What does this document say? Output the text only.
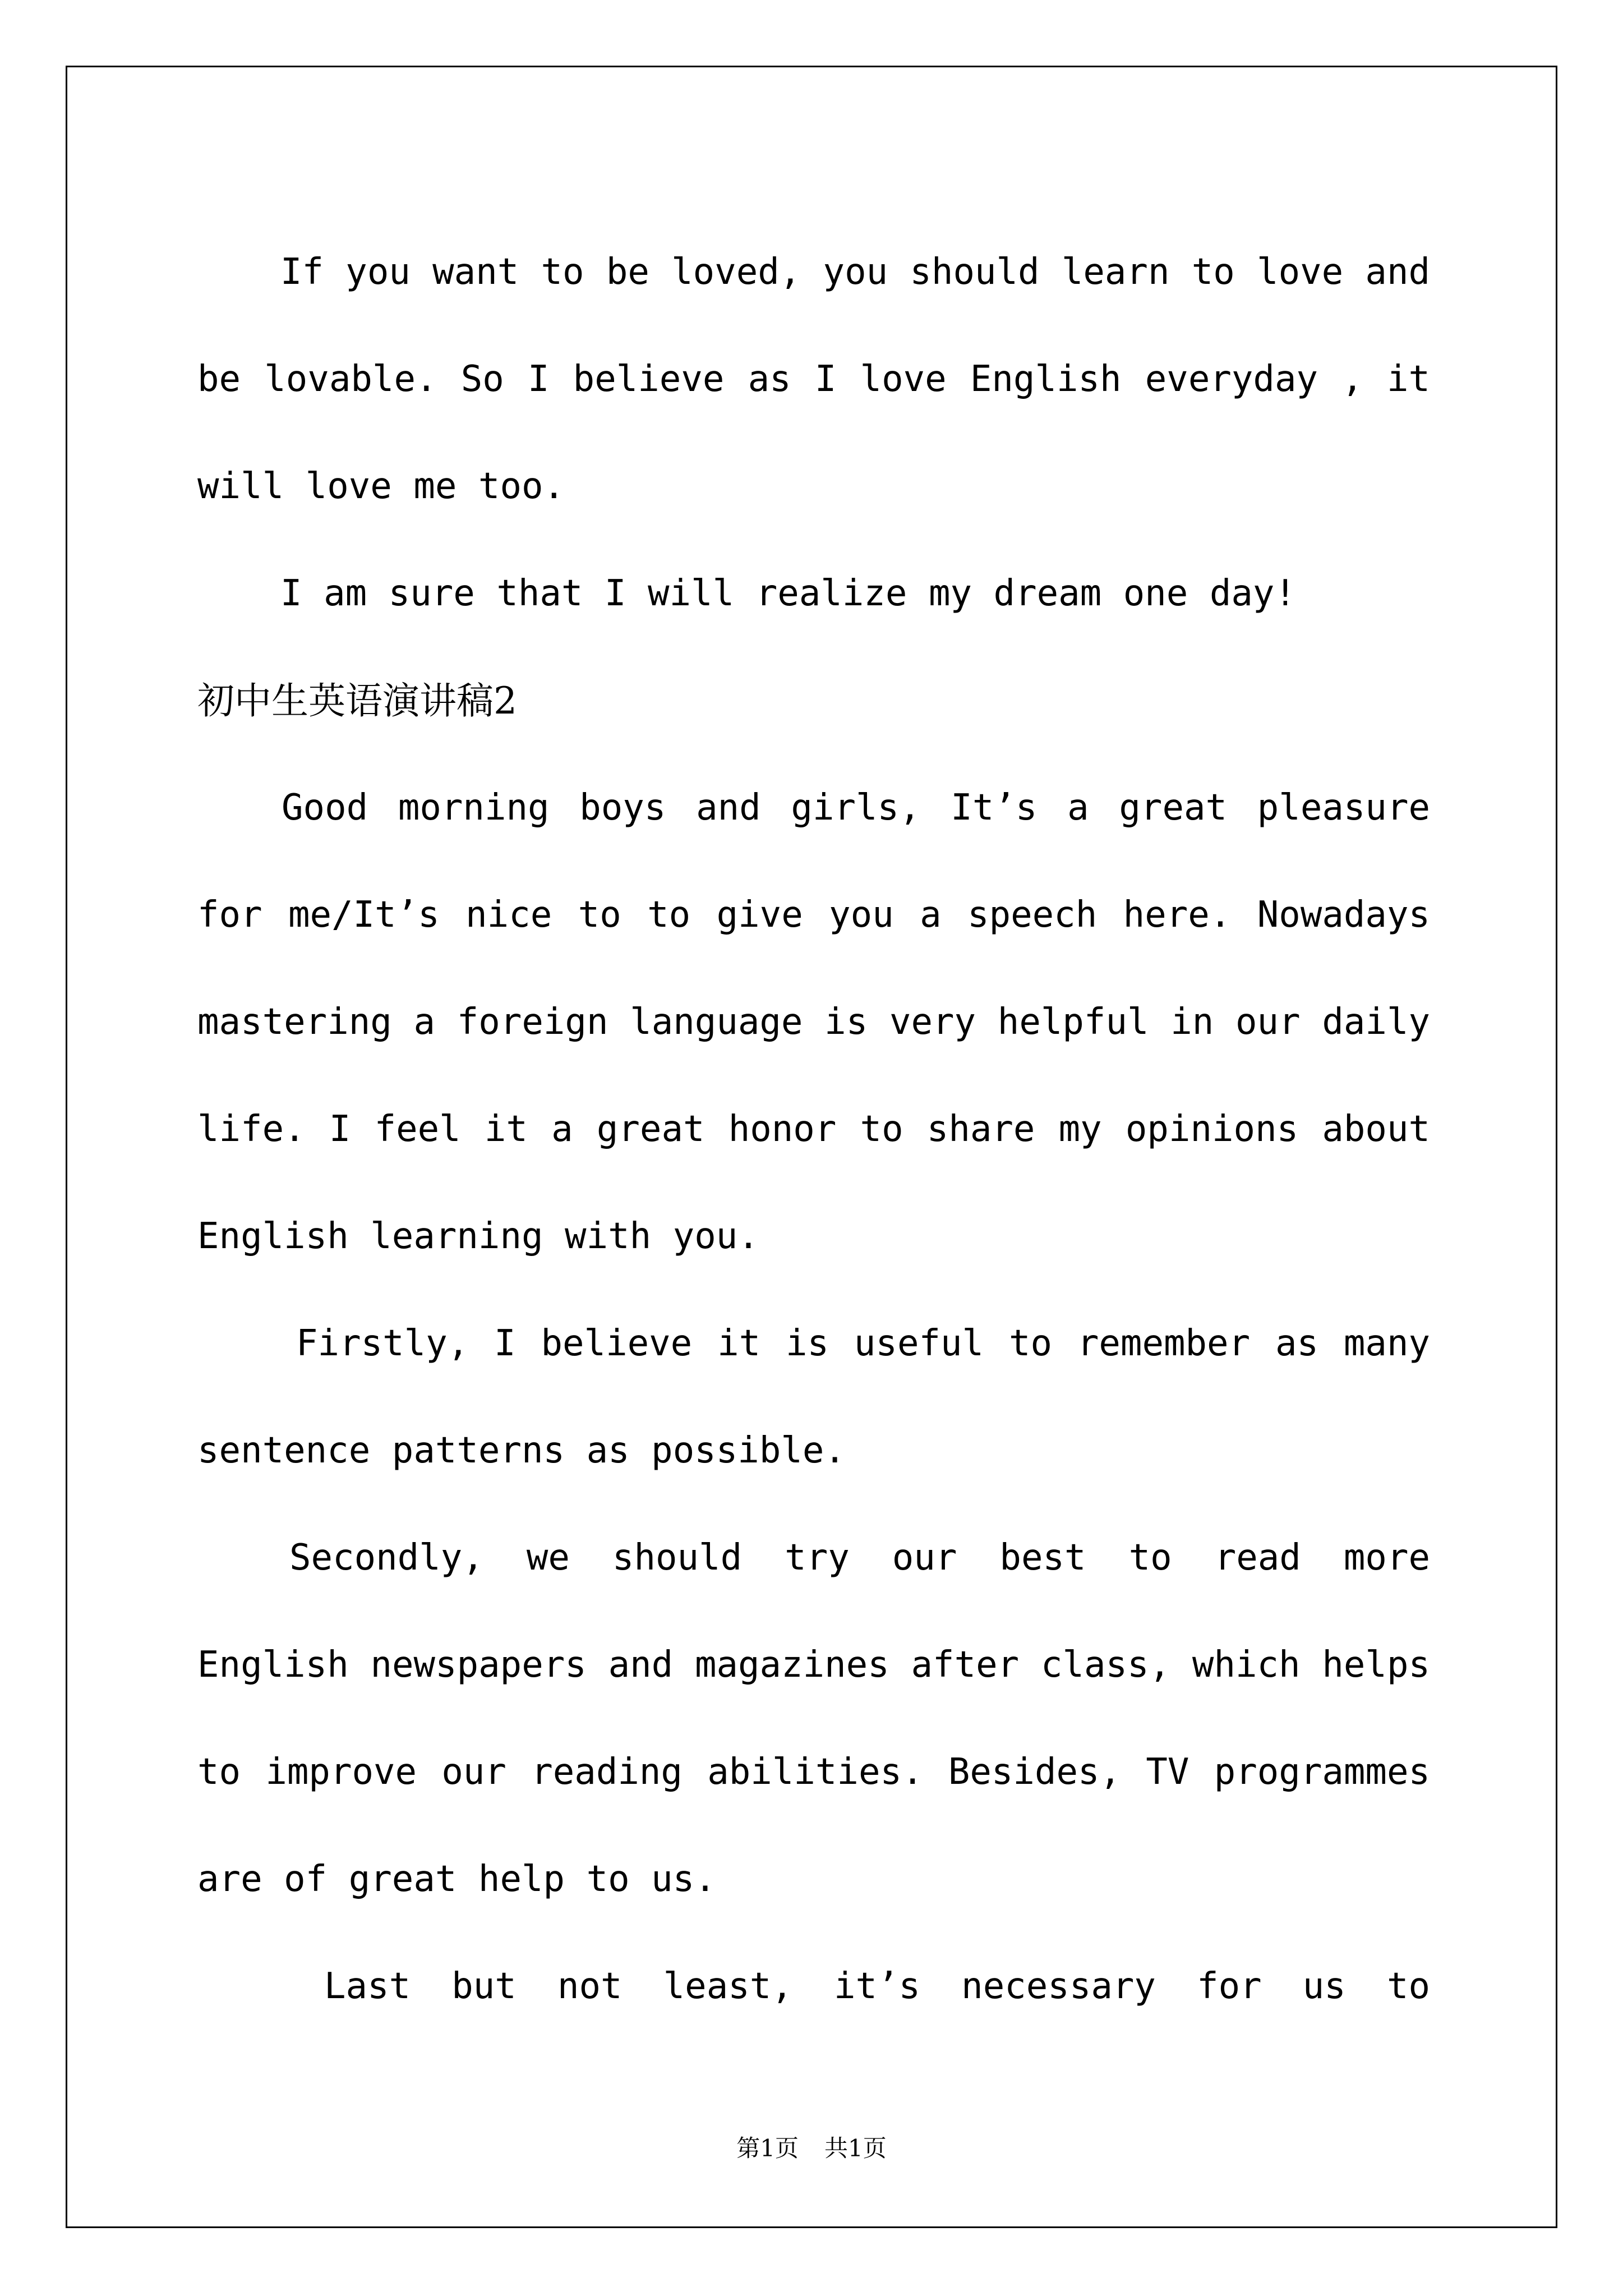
If you want to be loved, you should learn to love and be lovable. So I believe as I love English everyday , it will love me too.

I am sure that I will realize my dream one day!

初中生英语演讲稿2

Good morning boys and girls, It’s a great pleasure for me/It’s nice to to give you a speech here. Nowadays mastering a foreign language is very helpful in our daily life. I feel it a great honor to share my opinions about English learning with you.

Firstly, I believe it is useful to remember as many sentence patterns as possible.

Secondly, we should try our best to read more English newspapers and magazines after class, which helps to improve our reading abilities. Besides, TV programmes are of great help to us.

Last but not least, it’s necessary for us to

第1页 共1页
